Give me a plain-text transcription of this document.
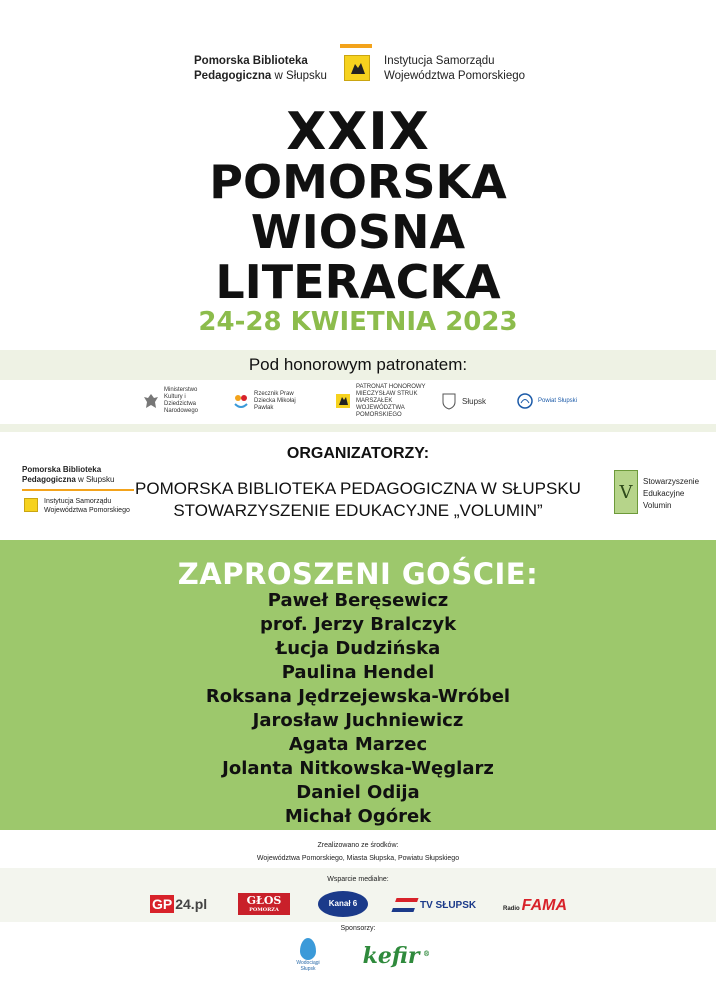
Pomorska Biblioteka
Pedagogiczna w Słupsku
Instytucja Samorządu
Województwa Pomorskiego
XXIX
POMORSKA
WIOSNA
LITERACKA
24-28 KWIETNIA 2023
Pod honorowym patronatem:
Ministerstwo Kultury i Dziedzictwa Narodowego
Rzecznik Praw Dziecka Mikołaj Pawlak
PATRONAT HONOROWY MIECZYSŁAW STRUK MARSZAŁEK WOJEWÓDZTWA POMORSKIEGO
Słupsk	Powiat Słupski
ORGANIZATORZY:
Pomorska Biblioteka
Pedagogiczna w Słupsku
Instytucja Samorządu
Województwa Pomorskiego
POMORSKA BIBLIOTEKA PEDAGOGICZNA W SŁUPSKU
STOWARZYSZENIE EDUKACYJNE „VOLUMIN”
V Stowarzyszenie
Edukacyjne
Volumin
ZAPROSZENI GOŚCIE:
Paweł Beręsewicz
prof. Jerzy Bralczyk
Łucja Dudzińska
Paulina Hendel
Roksana Jędrzejewska-Wróbel
Jarosław Juchniewicz
Agata Marzec
Jolanta Nitkowska-Węglarz
Daniel Odija
Michał Ogórek
Zrealizowano ze środków:
Województwa Pomorskiego, Miasta Słupska, Powiatu Słupskiego
Wsparcie medialne:
GP 24.pl	GŁOS
POMORZA
Kanał 6	TV SŁUPSK	Radio FAMA
Sponsorzy:
Wodociągi
Słupsk kefir ®
